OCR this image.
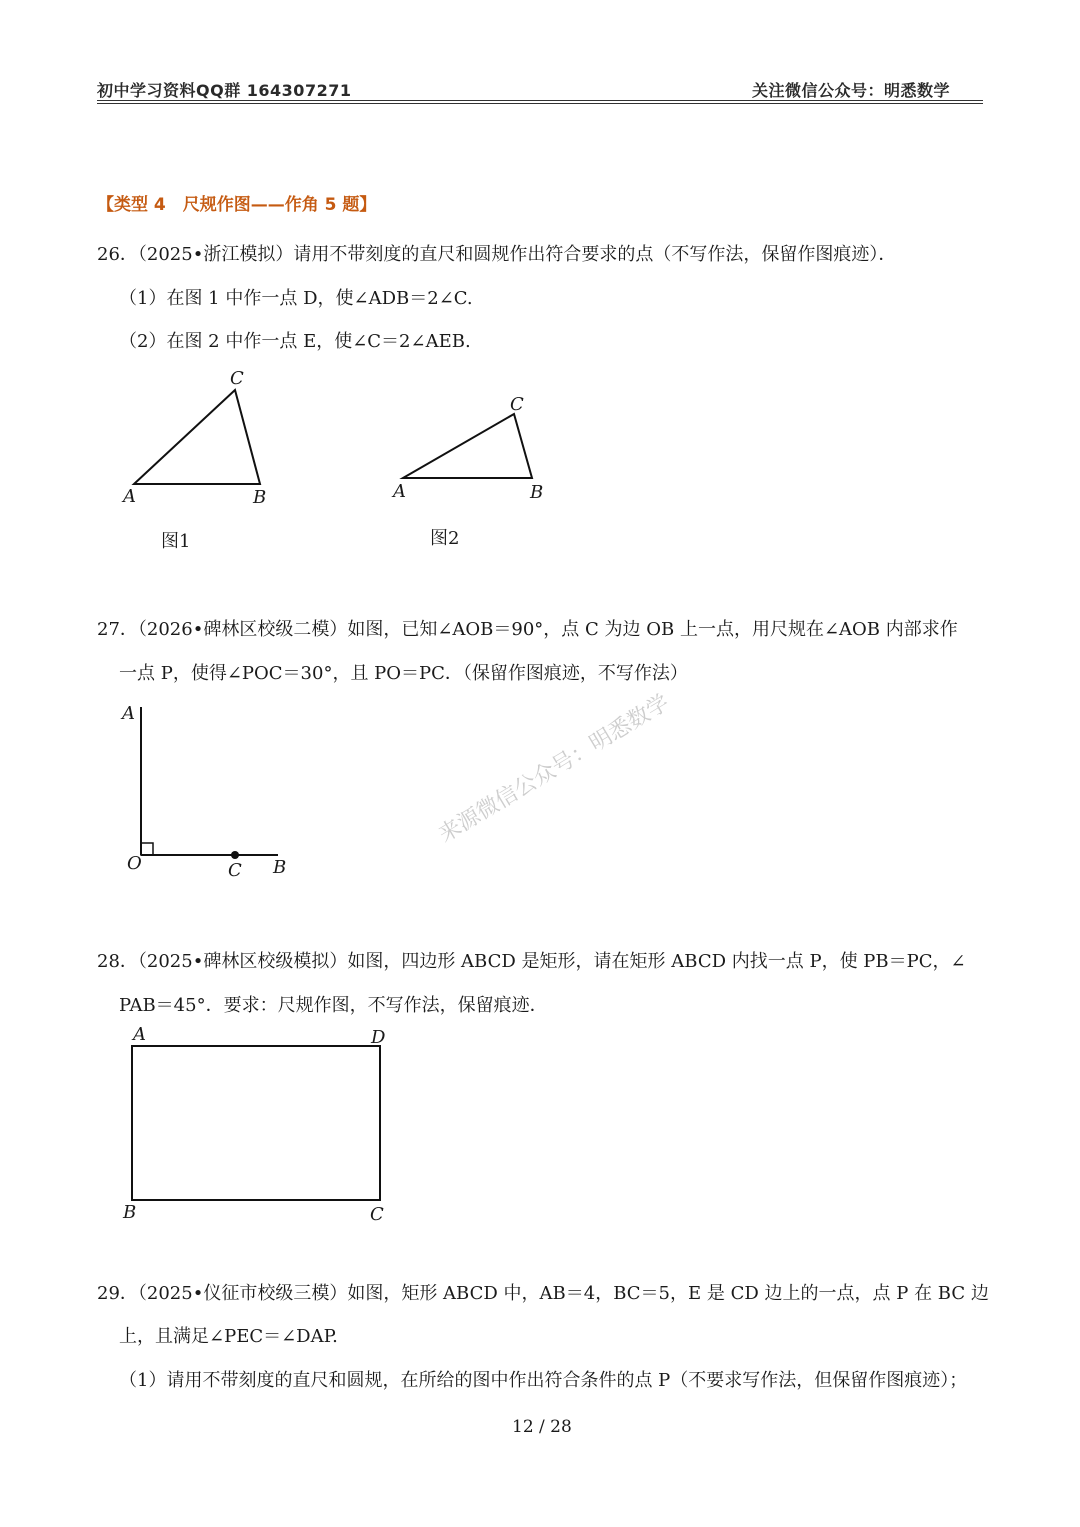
初中学习资料QQ群 164307271	关注微信公众号：明悉数学
【类型 4　尺规作图——作角 5 题】
26．（2025•浙江模拟）请用不带刻度的直尺和圆规作出符合要求的点（不写作法，保留作图痕迹）．
（1）在图 1 中作一点 D，使∠ADB＝2∠C.
（2）在图 2 中作一点 E，使∠C＝2∠AEB.
C
A	B
图1
C
A	B
图2
27．（2026•碑林区校级二模）如图，已知∠AOB＝90°，点 C 为边 OB 上一点，用尺规在∠AOB 内部求作
一点 P，使得∠POC＝30°，且 PO＝PC．（保留作图痕迹，不写作法）
A
O	C B
来源微信公众号：明悉数学
28．（2025•碑林区校级模拟）如图，四边形 ABCD 是矩形，请在矩形 ABCD 内找一点 P，使 PB＝PC，∠
PAB＝45°．要求：尺规作图，不写作法，保留痕迹．
A	D
B	C
29．（2025•仪征市校级三模）如图，矩形 ABCD 中，AB＝4，BC＝5，E 是 CD 边上的一点，点 P 在 BC 边
上，且满足∠PEC＝∠DAP.
（1）请用不带刻度的直尺和圆规，在所给的图中作出符合条件的点 P（不要求写作法，但保留作图痕迹）；
12 / 28
